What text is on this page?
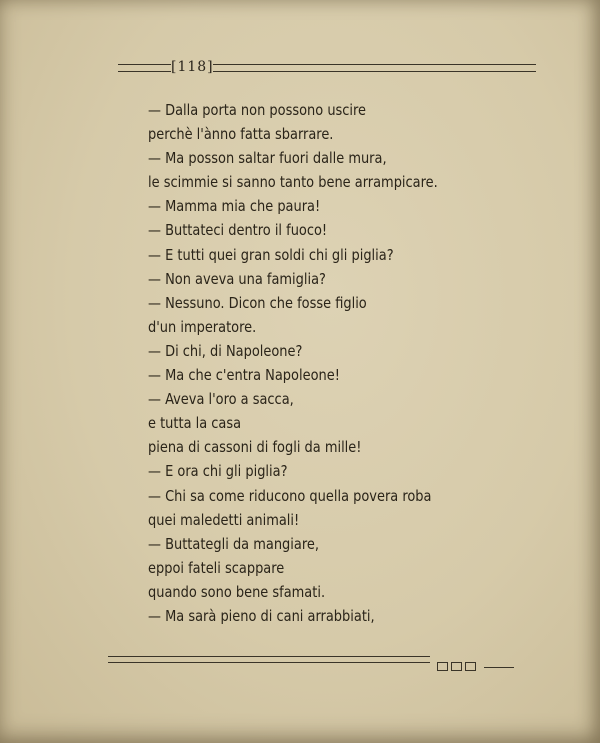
[118]
— Dalla porta non possono uscire
perchè l'ànno fatta sbarrare.
— Ma posson saltar fuori dalle mura,
le scimmie si sanno tanto bene arrampicare.
— Mamma mia che paura!
— Buttateci dentro il fuoco!
— E tutti quei gran soldi chi gli piglia?
— Non aveva una famiglia?
— Nessuno. Dicon che fosse figlio
d'un imperatore.
— Di chi, di Napoleone?
— Ma che c'entra Napoleone!
— Aveva l'oro a sacca,
e tutta la casa
piena di cassoni di fogli da mille!
— E ora chi gli piglia?
— Chi sa come riducono quella povera roba
quei maledetti animali!
— Buttategli da mangiare,
eppoi fateli scappare
quando sono bene sfamati.
— Ma sarà pieno di cani arrabbiati,
